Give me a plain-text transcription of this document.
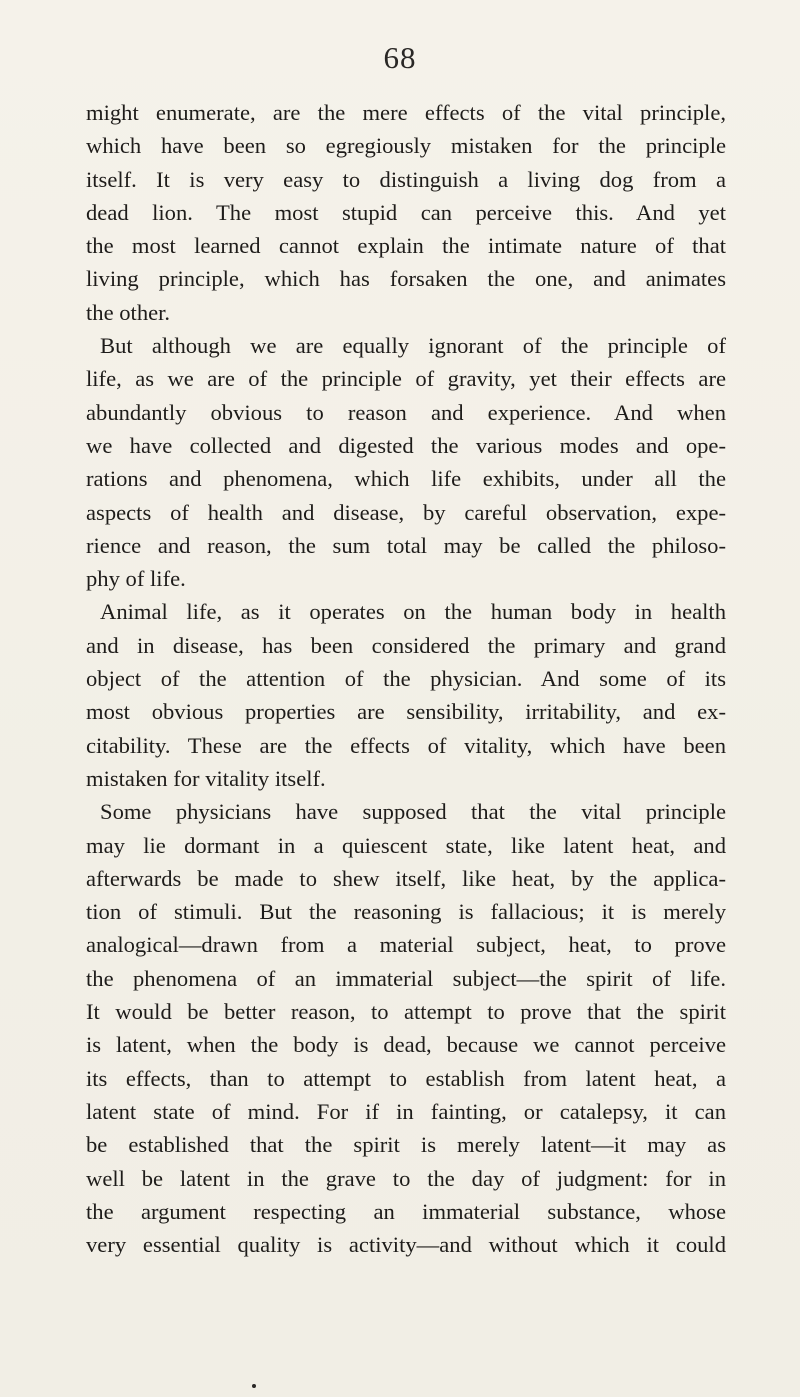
68
might enumerate, are the mere effects of the vital principle,
which have been so egregiously mistaken for the principle
itself. It is very easy to distinguish a living dog from a
dead lion. The most stupid can perceive this. And yet
the most learned cannot explain the intimate nature of that
living principle, which has forsaken the one, and animates
the other.
But although we are equally ignorant of the principle of
life, as we are of the principle of gravity, yet their effects are
abundantly obvious to reason and experience. And when
we have collected and digested the various modes and ope-
rations and phenomena, which life exhibits, under all the
aspects of health and disease, by careful observation, expe-
rience and reason, the sum total may be called the philoso-
phy of life.
Animal life, as it operates on the human body in health
and in disease, has been considered the primary and grand
object of the attention of the physician. And some of its
most obvious properties are sensibility, irritability, and ex-
citability. These are the effects of vitality, which have been
mistaken for vitality itself.
Some physicians have supposed that the vital principle
may lie dormant in a quiescent state, like latent heat, and
afterwards be made to shew itself, like heat, by the applica-
tion of stimuli. But the reasoning is fallacious; it is merely
analogical—drawn from a material subject, heat, to prove
the phenomena of an immaterial subject—the spirit of life.
It would be better reason, to attempt to prove that the spirit
is latent, when the body is dead, because we cannot perceive
its effects, than to attempt to establish from latent heat, a
latent state of mind. For if in fainting, or catalepsy, it can
be established that the spirit is merely latent—it may as
well be latent in the grave to the day of judgment: for in
the argument respecting an immaterial substance, whose
very essential quality is activity—and without which it could
